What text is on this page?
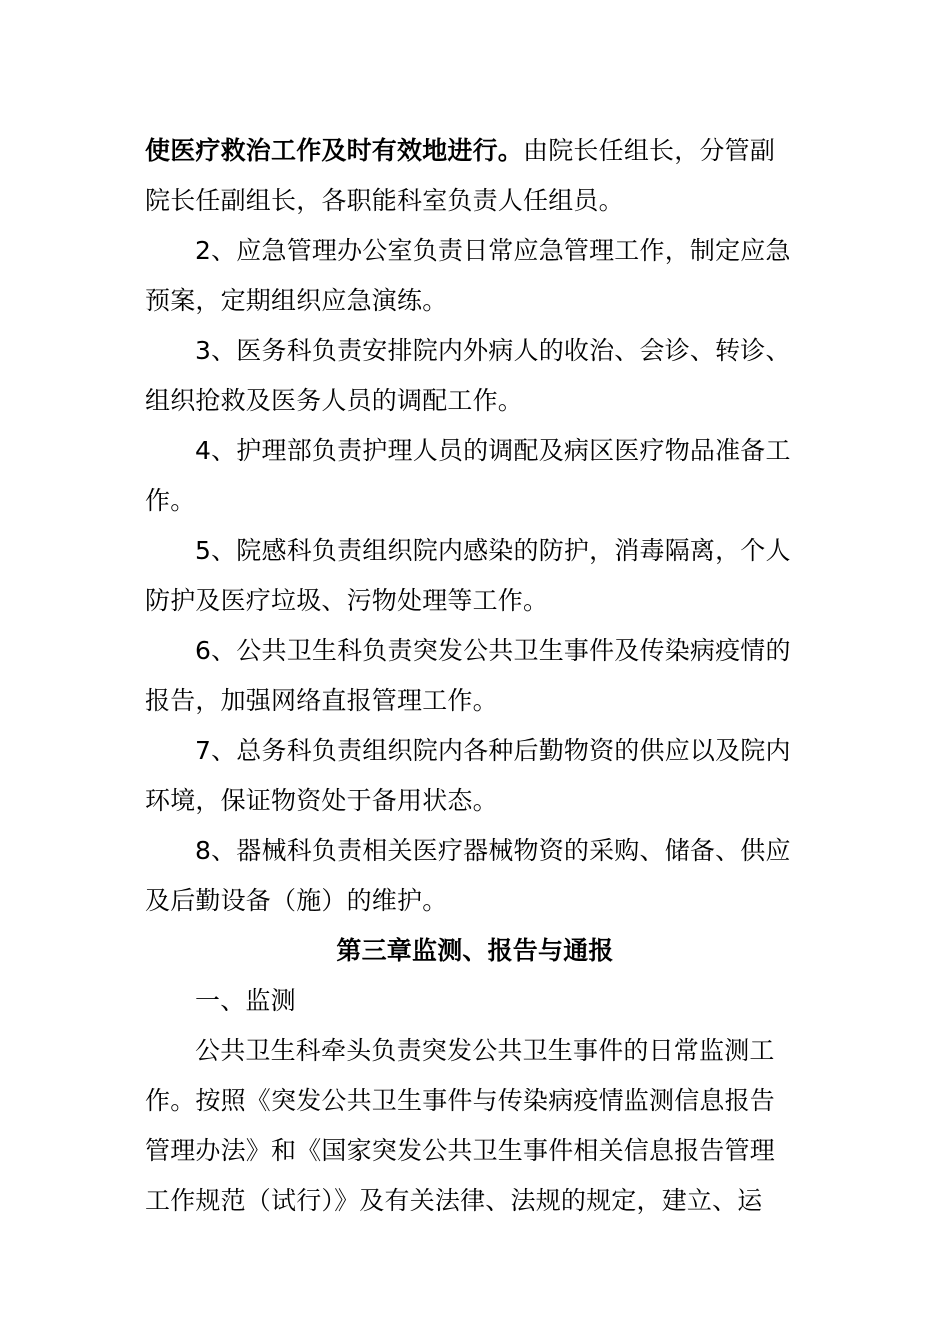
使医疗救治工作及时有效地进行。由院长任组长，分管副
院长任副组长，各职能科室负责人任组员。
2、应急管理办公室负责日常应急管理工作，制定应急
预案，定期组织应急演练。
3、医务科负责安排院内外病人的收治、会诊、转诊、
组织抢救及医务人员的调配工作。
4、护理部负责护理人员的调配及病区医疗物品准备工
作。
5、院感科负责组织院内感染的防护，消毒隔离，个人
防护及医疗垃圾、污物处理等工作。
6、公共卫生科负责突发公共卫生事件及传染病疫情的
报告，加强网络直报管理工作。
7、总务科负责组织院内各种后勤物资的供应以及院内
环境，保证物资处于备用状态。
8、器械科负责相关医疗器械物资的采购、储备、供应
及后勤设备（施）的维护。
第三章监测、报告与通报
一、监测
公共卫生科牵头负责突发公共卫生事件的日常监测工
作。按照《突发公共卫生事件与传染病疫情监测信息报告
管理办法》和《国家突发公共卫生事件相关信息报告管理
工作规范（试行）》及有关法律、法规的规定，建立、运
